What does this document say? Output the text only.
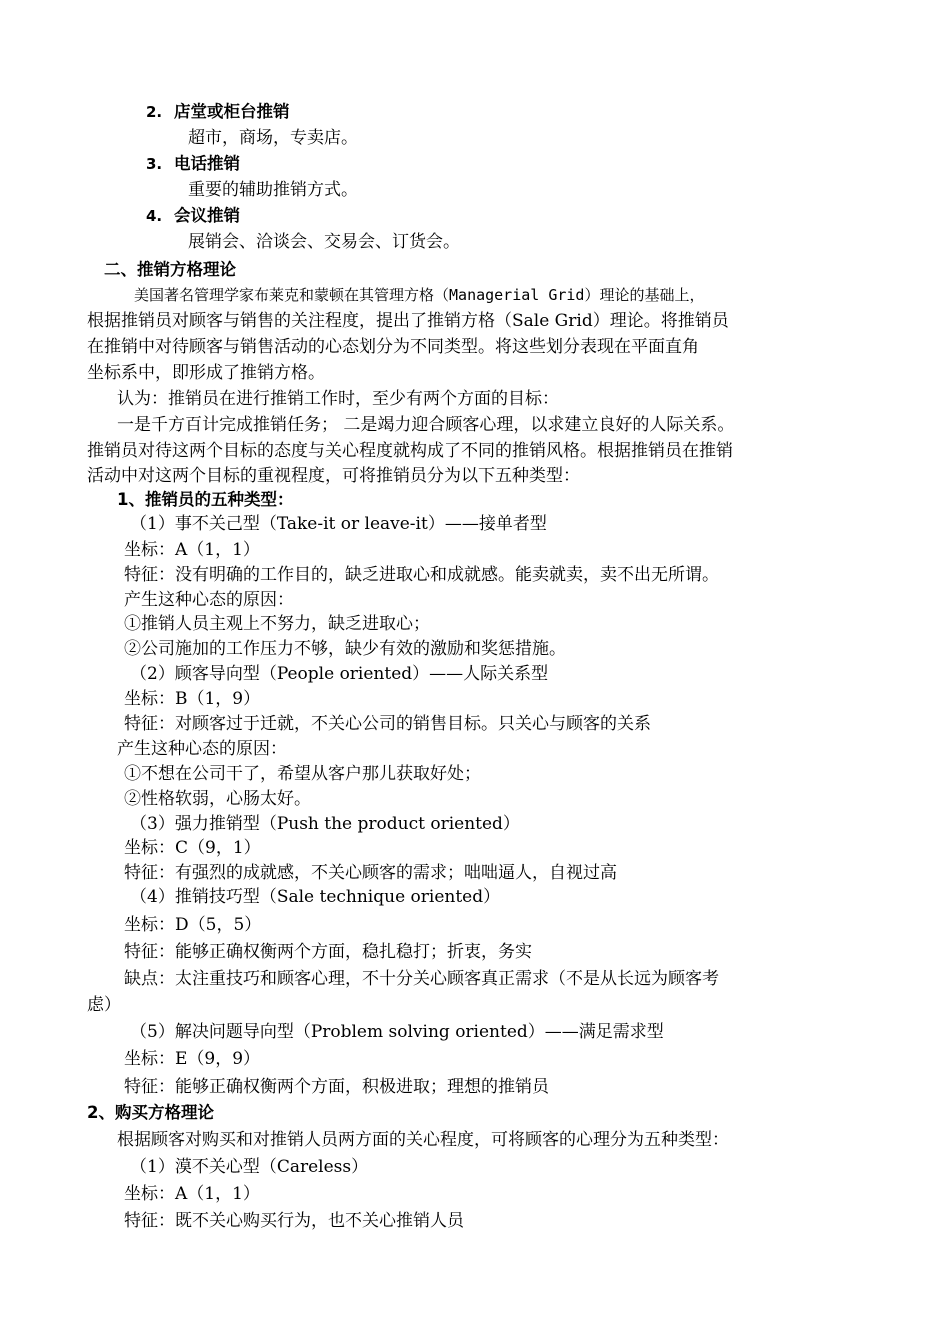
2. 店堂或柜台推销
超市，商场，专卖店。
3. 电话推销
重要的辅助推销方式。
4. 会议推销
展销会、洽谈会、交易会、订货会。
二、推销方格理论
美国著名管理学家布莱克和蒙顿在其管理方格（Managerial Grid）理论的基础上，
根据推销员对顾客与销售的关注程度，提出了推销方格（Sale Grid）理论。将推销员
在推销中对待顾客与销售活动的心态划分为不同类型。将这些划分表现在平面直角
坐标系中，即形成了推销方格。
认为：推销员在进行推销工作时，至少有两个方面的目标：
一是千方百计完成推销任务； 二是竭力迎合顾客心理，以求建立良好的人际关系。
推销员对待这两个目标的态度与关心程度就构成了不同的推销风格。根据推销员在推销
活动中对这两个目标的重视程度，可将推销员分为以下五种类型：
1、推销员的五种类型：
（1）事不关己型（Take-it or leave-it）——接单者型
坐标：A（1，1）
特征：没有明确的工作目的，缺乏进取心和成就感。能卖就卖，卖不出无所谓。
产生这种心态的原因：
①推销人员主观上不努力，缺乏进取心；
②公司施加的工作压力不够，缺少有效的激励和奖惩措施。
（2）顾客导向型（People oriented）——人际关系型
坐标：B（1，9）
特征：对顾客过于迁就，不关心公司的销售目标。只关心与顾客的关系
产生这种心态的原因：
①不想在公司干了，希望从客户那儿获取好处；
②性格软弱，心肠太好。
（3）强力推销型（Push the product oriented）
坐标：C（9，1）
特征：有强烈的成就感，不关心顾客的需求；咄咄逼人，自视过高
（4）推销技巧型（Sale technique oriented）
坐标：D（5，5）
特征：能够正确权衡两个方面，稳扎稳打；折衷，务实
缺点：太注重技巧和顾客心理，不十分关心顾客真正需求（不是从长远为顾客考
虑）
（5）解决问题导向型（Problem solving oriented）——满足需求型
坐标：E（9，9）
特征：能够正确权衡两个方面，积极进取；理想的推销员
2、购买方格理论
根据顾客对购买和对推销人员两方面的关心程度，可将顾客的心理分为五种类型：
（1）漠不关心型（Careless）
坐标：A（1，1）
特征：既不关心购买行为，也不关心推销人员
